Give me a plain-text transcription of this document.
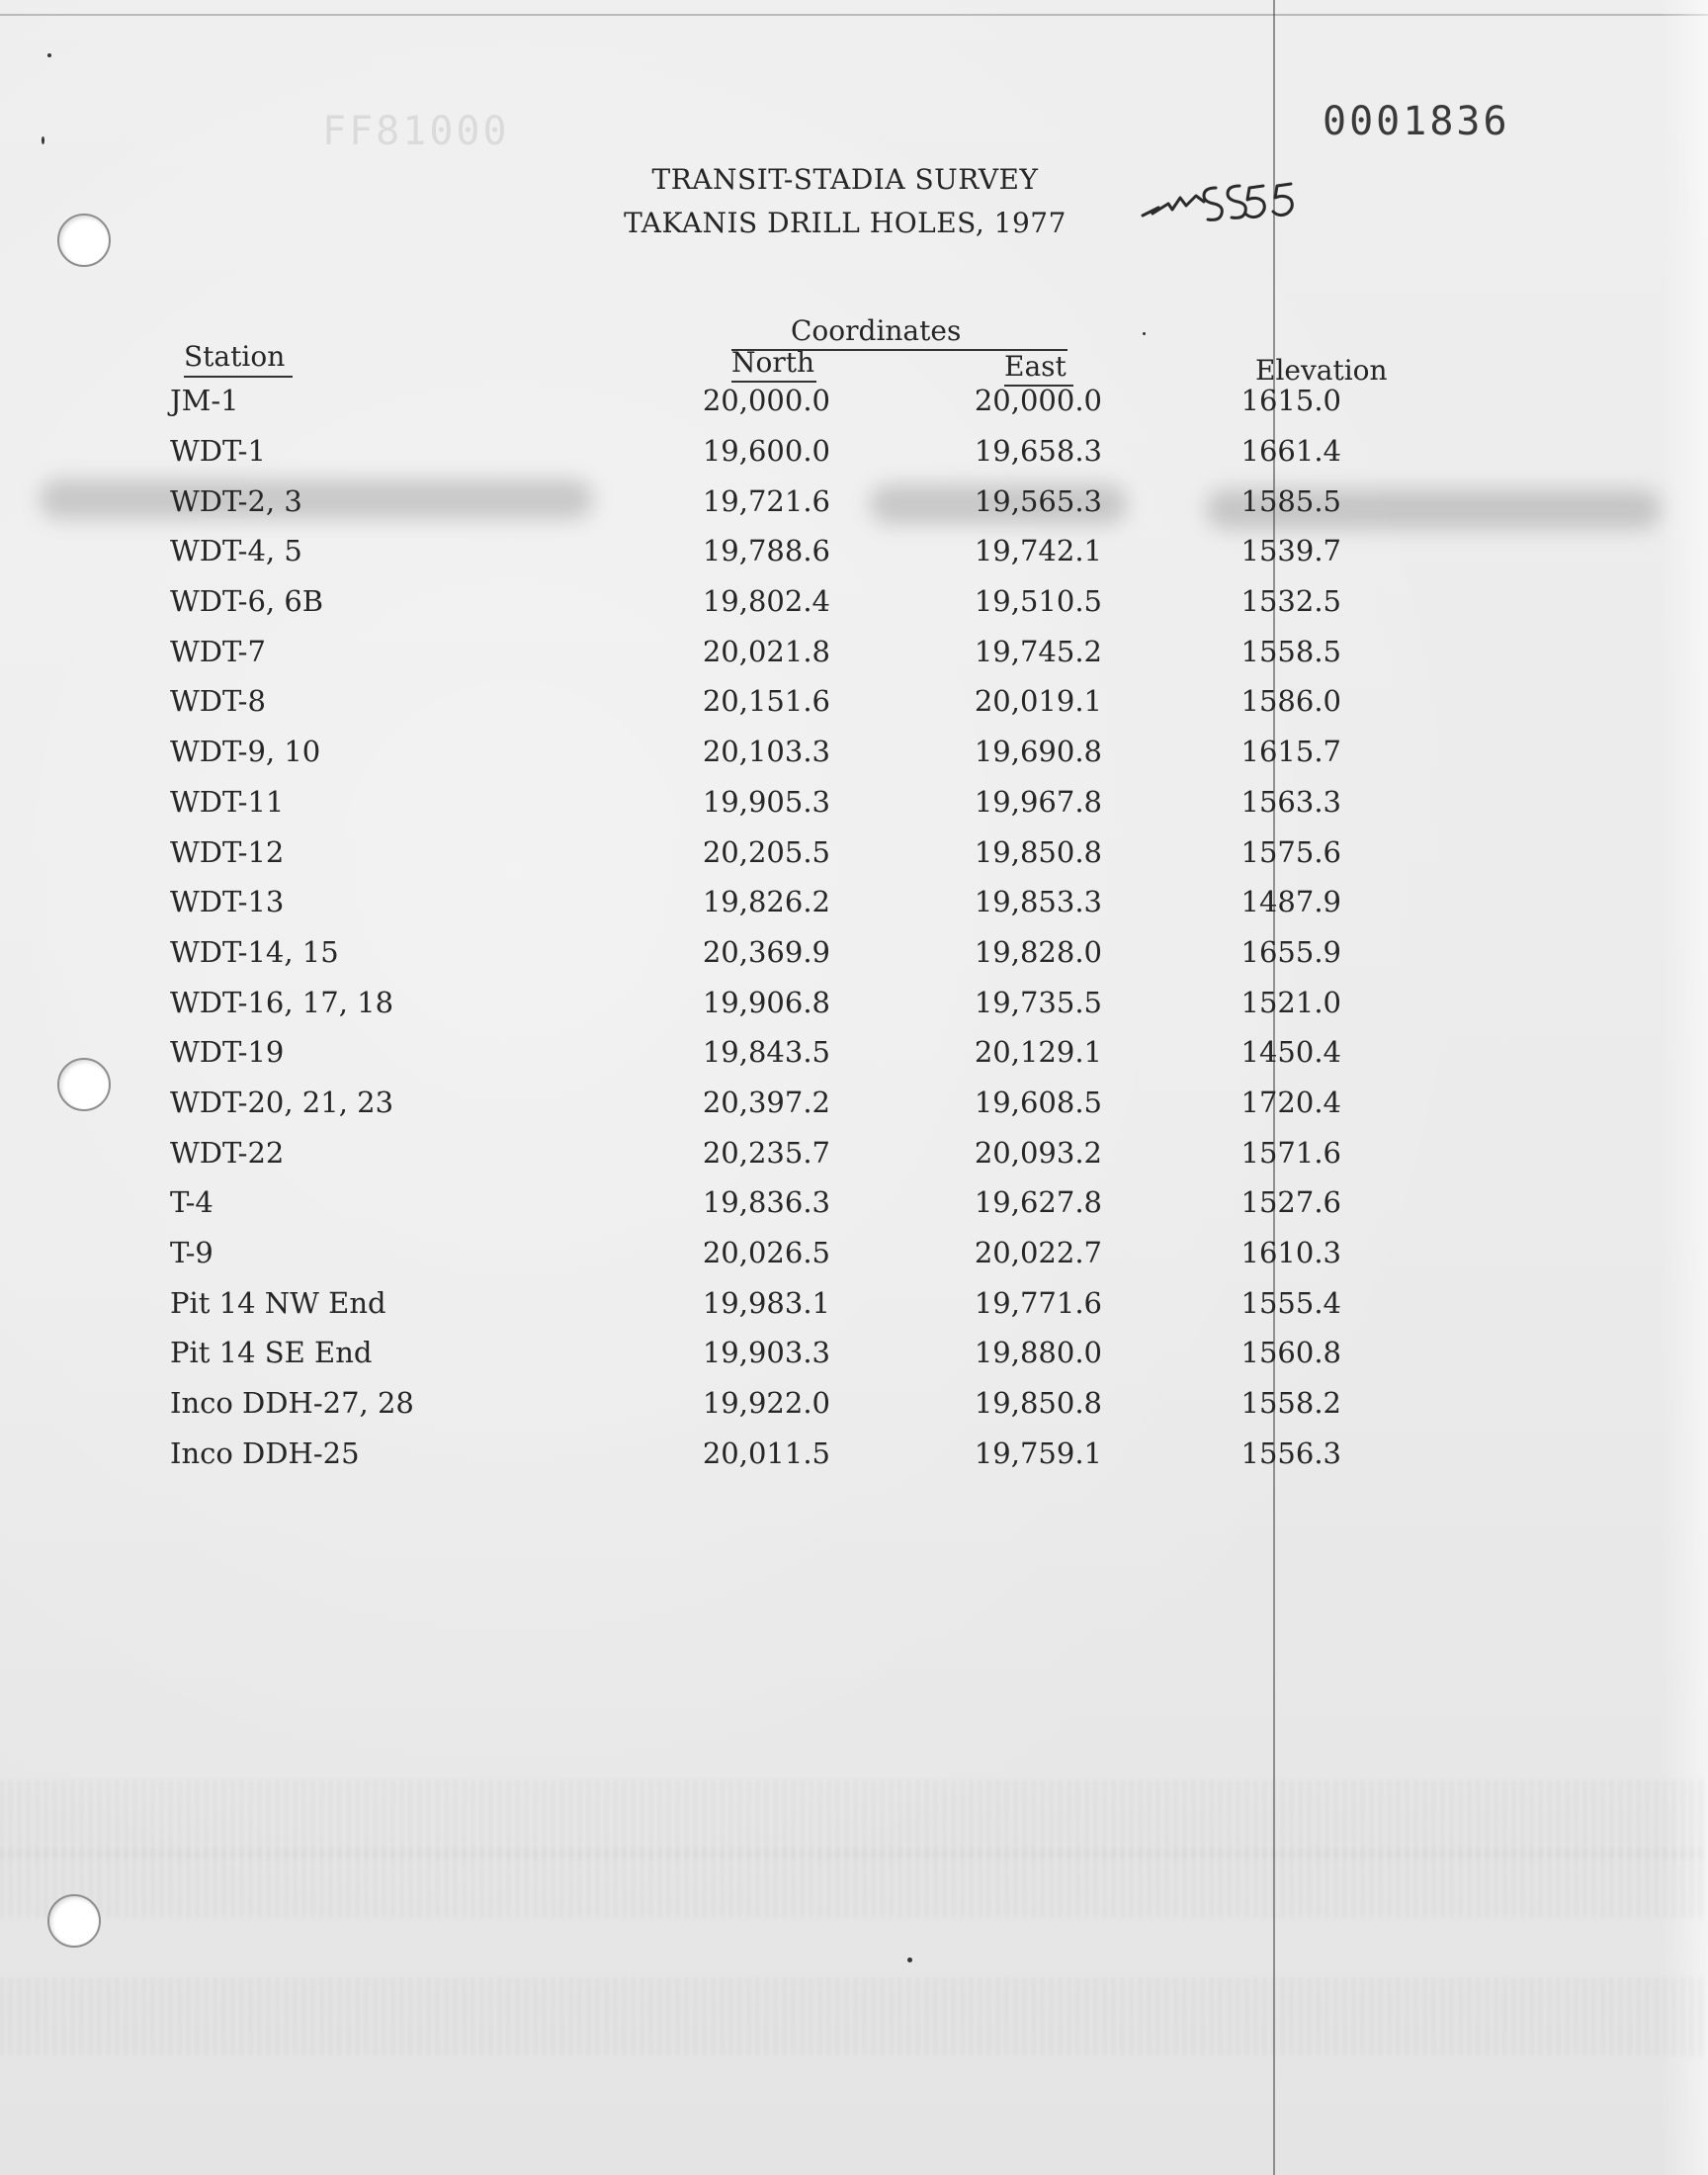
FF81000	0001836
TRANSIT-STADIA SURVEY
TAKANIS DRILL HOLES, 1977
Coordinates
Station	North	East	Elevation
JM-1	20,000.0	20,000.0	1615.0
WDT-1	19,600.0	19,658.3	1661.4
WDT-2, 3	19,721.6	19,565.3	1585.5
WDT-4, 5	19,788.6	19,742.1	1539.7
WDT-6, 6B	19,802.4	19,510.5	1532.5
WDT-7	20,021.8	19,745.2	1558.5
WDT-8	20,151.6	20,019.1	1586.0
WDT-9, 10	20,103.3	19,690.8	1615.7
WDT-11	19,905.3	19,967.8	1563.3
WDT-12	20,205.5	19,850.8	1575.6
WDT-13	19,826.2	19,853.3	1487.9
WDT-14, 15	20,369.9	19,828.0	1655.9
WDT-16, 17, 18	19,906.8	19,735.5	1521.0
WDT-19	19,843.5	20,129.1	1450.4
WDT-20, 21, 23	20,397.2	19,608.5	1720.4
WDT-22	20,235.7	20,093.2	1571.6
T-4	19,836.3	19,627.8	1527.6
T-9	20,026.5	20,022.7	1610.3
Pit 14 NW End	19,983.1	19,771.6	1555.4
Pit 14 SE End	19,903.3	19,880.0	1560.8
Inco DDH-27, 28	19,922.0	19,850.8	1558.2
Inco DDH-25	20,011.5	19,759.1	1556.3
